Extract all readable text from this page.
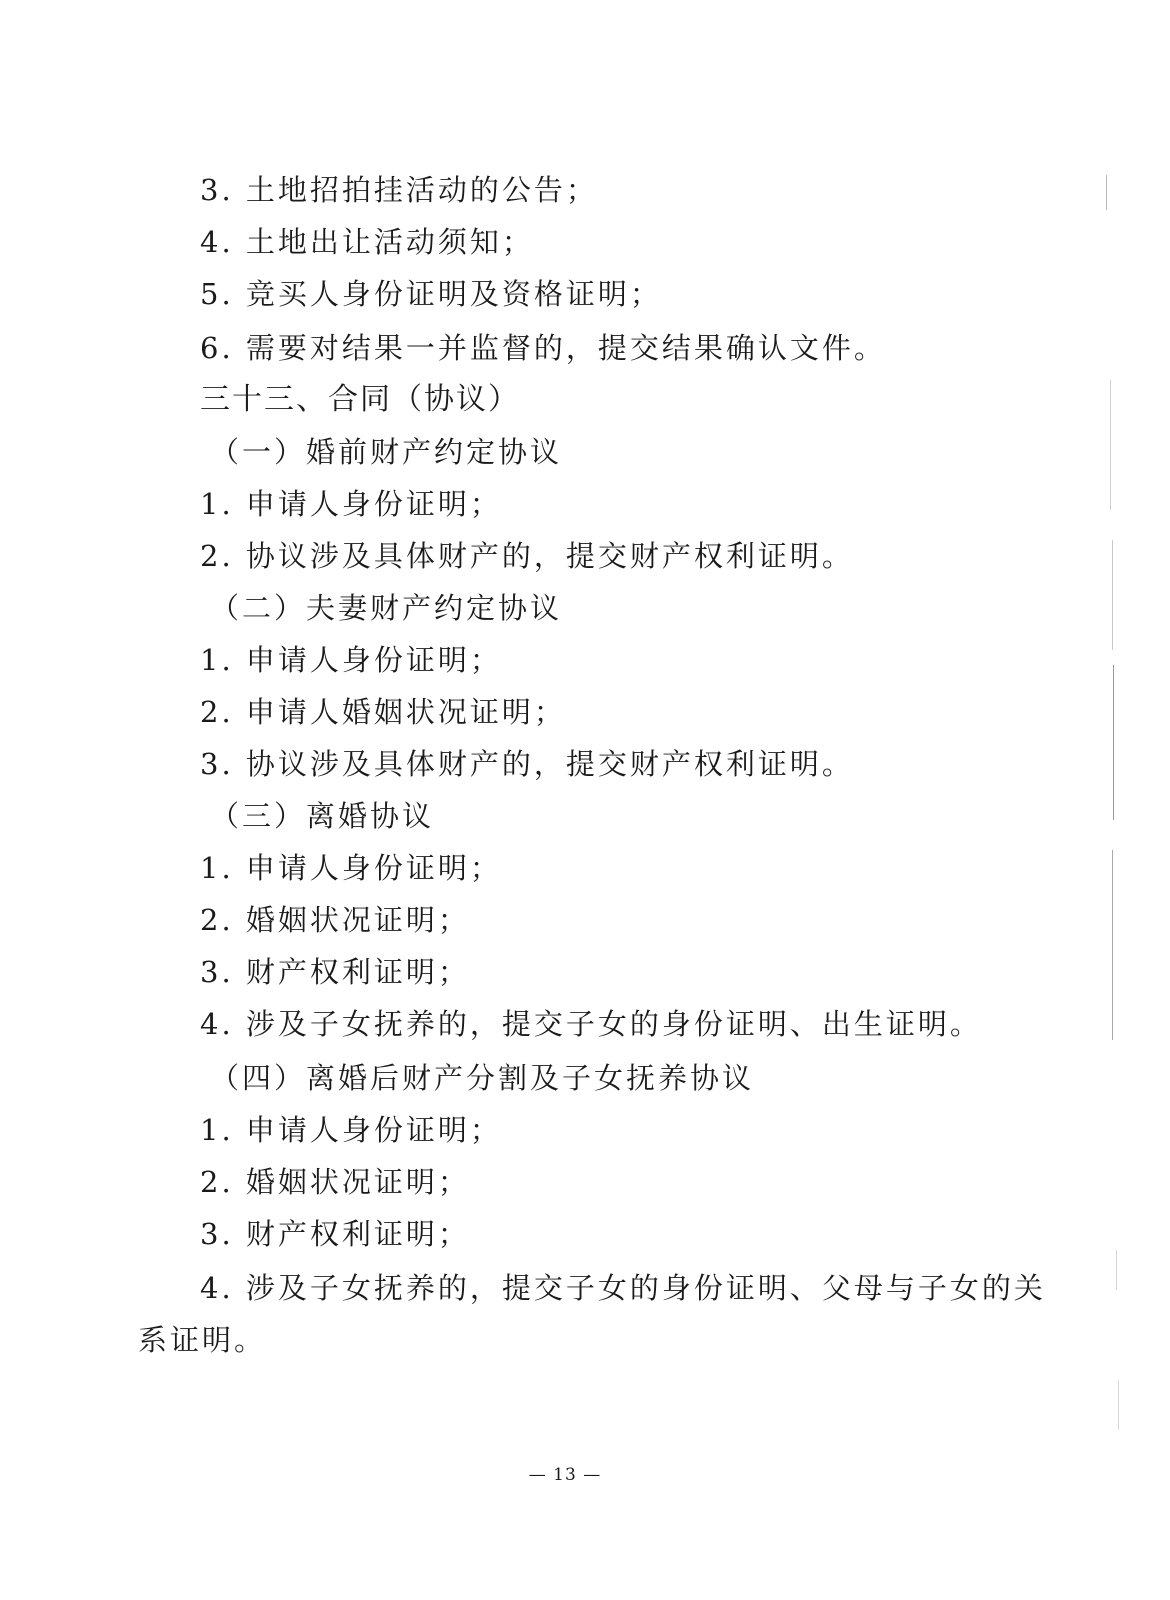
3. 土地招拍挂活动的公告；
4. 土地出让活动须知；
5. 竞买人身份证明及资格证明；
6. 需要对结果一并监督的，提交结果确认文件。
三十三、合同（协议）
（一）婚前财产约定协议
1. 申请人身份证明；
2. 协议涉及具体财产的，提交财产权利证明。
（二）夫妻财产约定协议
1. 申请人身份证明；
2. 申请人婚姻状况证明；
3. 协议涉及具体财产的，提交财产权利证明。
（三）离婚协议
1. 申请人身份证明；
2. 婚姻状况证明；
3. 财产权利证明；
4. 涉及子女抚养的，提交子女的身份证明、出生证明。
（四）离婚后财产分割及子女抚养协议
1. 申请人身份证明；
2. 婚姻状况证明；
3. 财产权利证明；
4. 涉及子女抚养的，提交子女的身份证明、父母与子女的关
系证明。
— 13 —
